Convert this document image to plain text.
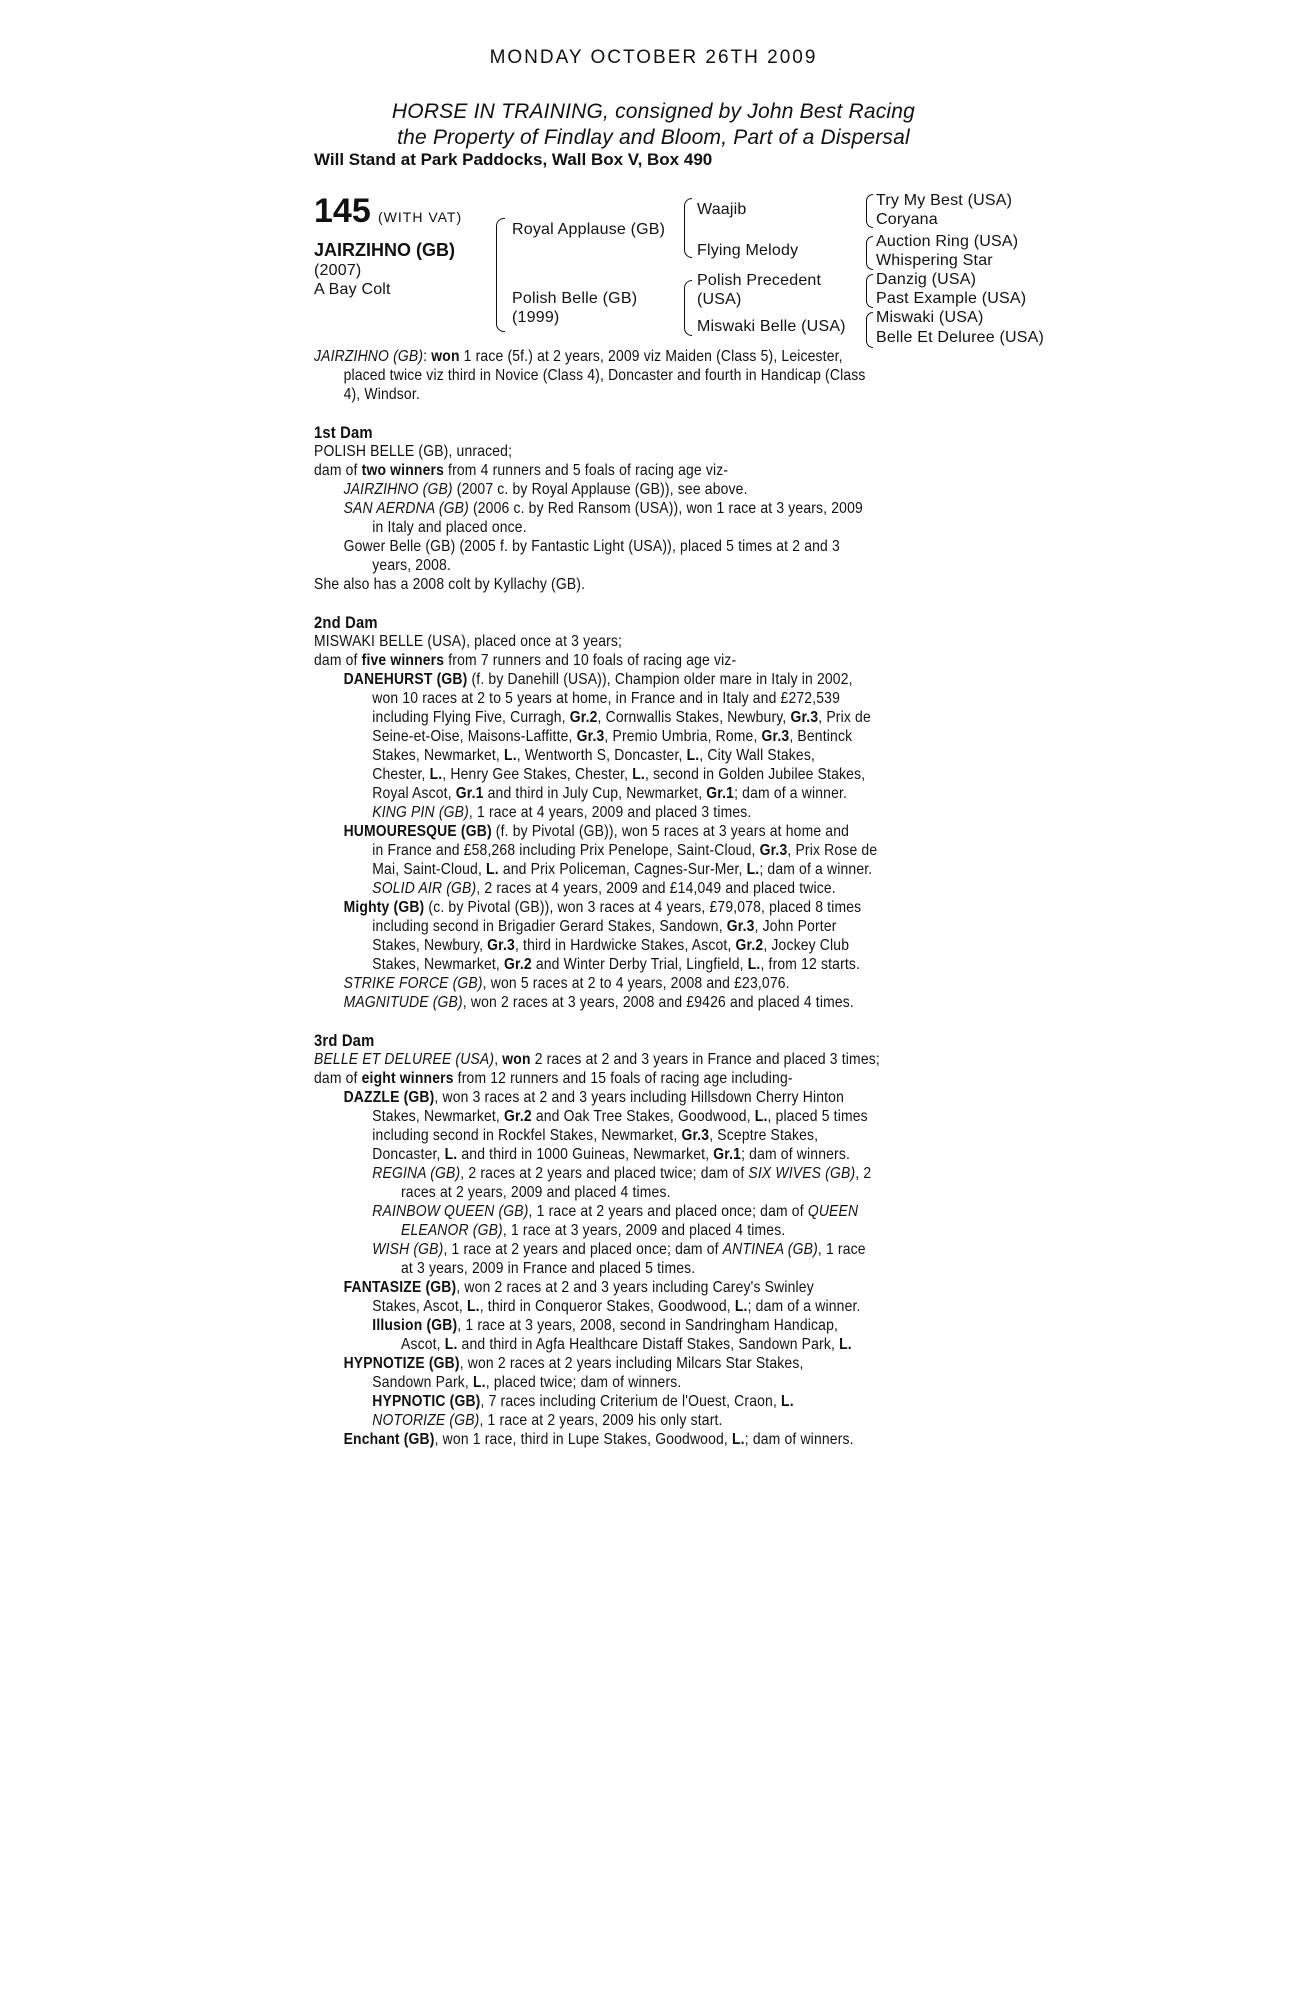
MONDAY OCTOBER 26TH 2009
HORSE IN TRAINING, consigned by John Best Racing
the Property of Findlay and Bloom, Part of a Dispersal
Will Stand at Park Paddocks, Wall Box V, Box 490
145 (WITH VAT)
JAIRZIHNO (GB)
(2007)
A Bay Colt
Royal Applause (GB)
Polish Belle (GB)
(1999)
Waajib
Flying Melody
Polish Precedent
(USA)
Miswaki Belle (USA)
Try My Best (USA)
Coryana
Auction Ring (USA)
Whispering Star
Danzig (USA)
Past Example (USA)
Miswaki (USA)
Belle Et Deluree (USA)
JAIRZIHNO (GB): won 1 race (5f.) at 2 years, 2009 viz Maiden (Class 5), Leicester,
placed twice viz third in Novice (Class 4), Doncaster and fourth in Handicap (Class
4), Windsor.
1st Dam
POLISH BELLE (GB), unraced;
dam of two winners from 4 runners and 5 foals of racing age viz-
JAIRZIHNO (GB) (2007 c. by Royal Applause (GB)), see above.
SAN AERDNA (GB) (2006 c. by Red Ransom (USA)), won 1 race at 3 years, 2009
in Italy and placed once.
Gower Belle (GB) (2005 f. by Fantastic Light (USA)), placed 5 times at 2 and 3
years, 2008.
She also has a 2008 colt by Kyllachy (GB).
2nd Dam
MISWAKI BELLE (USA), placed once at 3 years;
dam of five winners from 7 runners and 10 foals of racing age viz-
DANEHURST (GB) (f. by Danehill (USA)), Champion older mare in Italy in 2002,
won 10 races at 2 to 5 years at home, in France and in Italy and £272,539
including Flying Five, Curragh, Gr.2, Cornwallis Stakes, Newbury, Gr.3, Prix de
Seine-et-Oise, Maisons-Laffitte, Gr.3, Premio Umbria, Rome, Gr.3, Bentinck
Stakes, Newmarket, L., Wentworth S, Doncaster, L., City Wall Stakes,
Chester, L., Henry Gee Stakes, Chester, L., second in Golden Jubilee Stakes,
Royal Ascot, Gr.1 and third in July Cup, Newmarket, Gr.1; dam of a winner.
KING PIN (GB), 1 race at 4 years, 2009 and placed 3 times.
HUMOURESQUE (GB) (f. by Pivotal (GB)), won 5 races at 3 years at home and
in France and £58,268 including Prix Penelope, Saint-Cloud, Gr.3, Prix Rose de
Mai, Saint-Cloud, L. and Prix Policeman, Cagnes-Sur-Mer, L.; dam of a winner.
SOLID AIR (GB), 2 races at 4 years, 2009 and £14,049 and placed twice.
Mighty (GB) (c. by Pivotal (GB)), won 3 races at 4 years, £79,078, placed 8 times
including second in Brigadier Gerard Stakes, Sandown, Gr.3, John Porter
Stakes, Newbury, Gr.3, third in Hardwicke Stakes, Ascot, Gr.2, Jockey Club
Stakes, Newmarket, Gr.2 and Winter Derby Trial, Lingfield, L., from 12 starts.
STRIKE FORCE (GB), won 5 races at 2 to 4 years, 2008 and £23,076.
MAGNITUDE (GB), won 2 races at 3 years, 2008 and £9426 and placed 4 times.
3rd Dam
BELLE ET DELUREE (USA), won 2 races at 2 and 3 years in France and placed 3 times;
dam of eight winners from 12 runners and 15 foals of racing age including-
DAZZLE (GB), won 3 races at 2 and 3 years including Hillsdown Cherry Hinton
Stakes, Newmarket, Gr.2 and Oak Tree Stakes, Goodwood, L., placed 5 times
including second in Rockfel Stakes, Newmarket, Gr.3, Sceptre Stakes,
Doncaster, L. and third in 1000 Guineas, Newmarket, Gr.1; dam of winners.
REGINA (GB), 2 races at 2 years and placed twice; dam of SIX WIVES (GB), 2
races at 2 years, 2009 and placed 4 times.
RAINBOW QUEEN (GB), 1 race at 2 years and placed once; dam of QUEEN
ELEANOR (GB), 1 race at 3 years, 2009 and placed 4 times.
WISH (GB), 1 race at 2 years and placed once; dam of ANTINEA (GB), 1 race
at 3 years, 2009 in France and placed 5 times.
FANTASIZE (GB), won 2 races at 2 and 3 years including Carey's Swinley
Stakes, Ascot, L., third in Conqueror Stakes, Goodwood, L.; dam of a winner.
Illusion (GB), 1 race at 3 years, 2008, second in Sandringham Handicap,
Ascot, L. and third in Agfa Healthcare Distaff Stakes, Sandown Park, L.
HYPNOTIZE (GB), won 2 races at 2 years including Milcars Star Stakes,
Sandown Park, L., placed twice; dam of winners.
HYPNOTIC (GB), 7 races including Criterium de l'Ouest, Craon, L.
NOTORIZE (GB), 1 race at 2 years, 2009 his only start.
Enchant (GB), won 1 race, third in Lupe Stakes, Goodwood, L.; dam of winners.
